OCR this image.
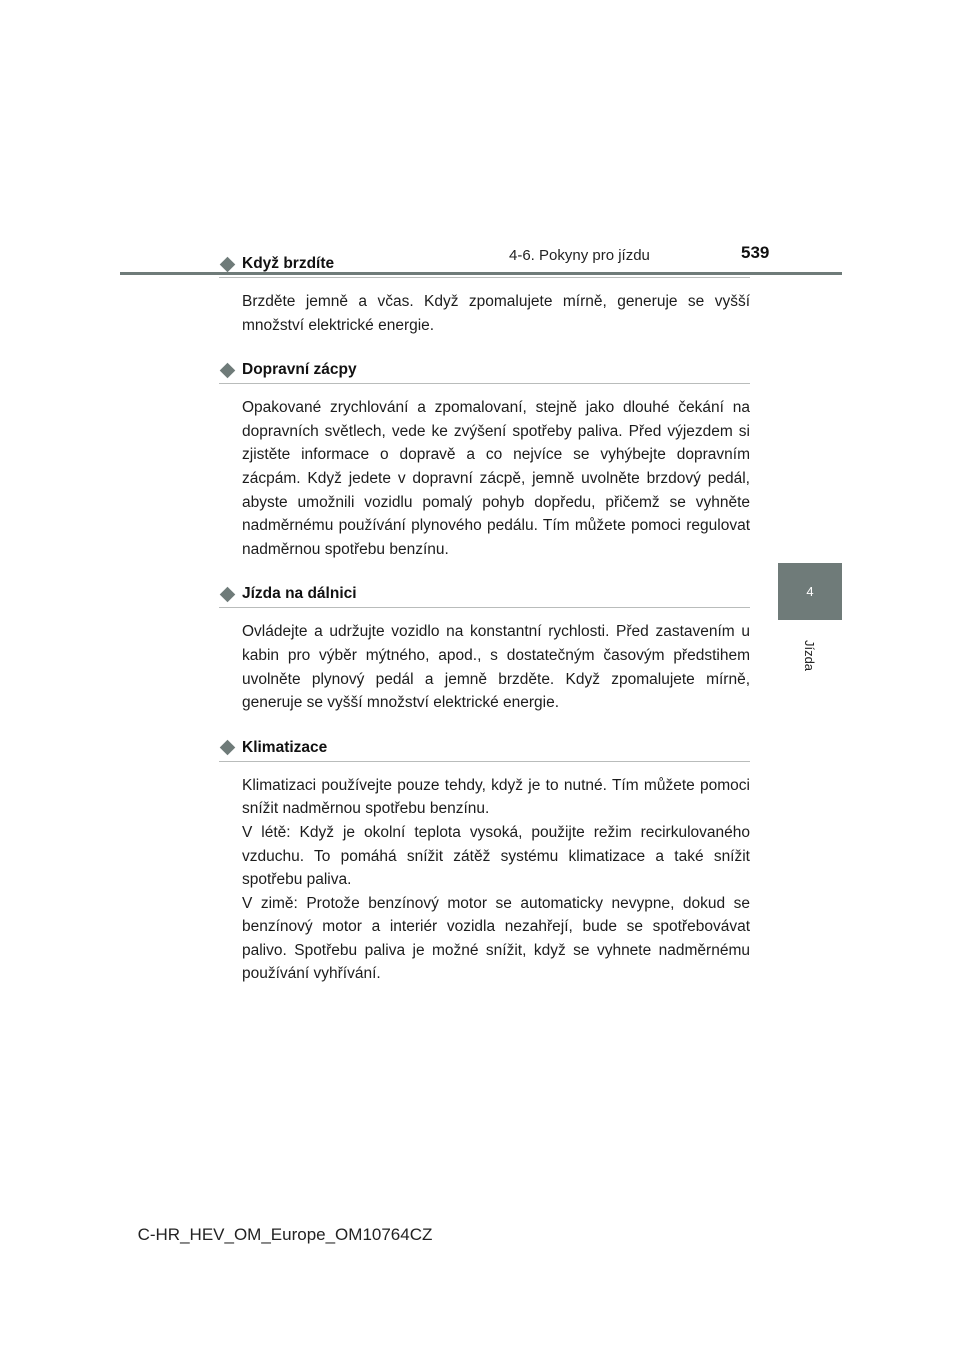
4-6. Pokyny pro jízdu	539
4
Jízda
Když brzdíte

Brzděte jemně a včas. Když zpomalujete mírně, generuje se vyšší množství elektrické energie.

Dopravní zácpy

Opakované zrychlování a zpomalovaní, stejně jako dlouhé čekání na dopravních světlech, vede ke zvýšení spotřeby paliva. Před výjezdem si zjistěte informace o dopravě a co nejvíce se vyhýbejte dopravním zácpám. Když jedete v dopravní zácpě, jemně uvolněte brzdový pedál, abyste umožnili vozidlu pomalý pohyb dopředu, přičemž se vyhněte nadměrnému používání plynového pedálu. Tím můžete pomoci regulovat nadměrnou spotřebu benzínu.

Jízda na dálnici

Ovládejte a udržujte vozidlo na konstantní rychlosti. Před zastavením u kabin pro výběr mýtného, apod., s dostatečným časovým předstihem uvolněte plynový pedál a jemně brzděte. Když zpomalujete mírně, generuje se vyšší množství elektrické energie.

Klimatizace

Klimatizaci používejte pouze tehdy, když je to nutné. Tím můžete pomoci snížit nadměrnou spotřebu benzínu.

V létě: Když je okolní teplota vysoká, použijte režim recirkulovaného vzduchu. To pomáhá snížit zátěž systému klimatizace a také snížit spotřebu paliva.

V zimě: Protože benzínový motor se automaticky nevypne, dokud se benzínový motor a interiér vozidla nezahřejí, bude se spotřebovávat palivo. Spotřebu paliva je možné snížit, když se vyhnete nadměrnému používání vyhřívání.

C-HR_HEV_OM_Europe_OM10764CZ
